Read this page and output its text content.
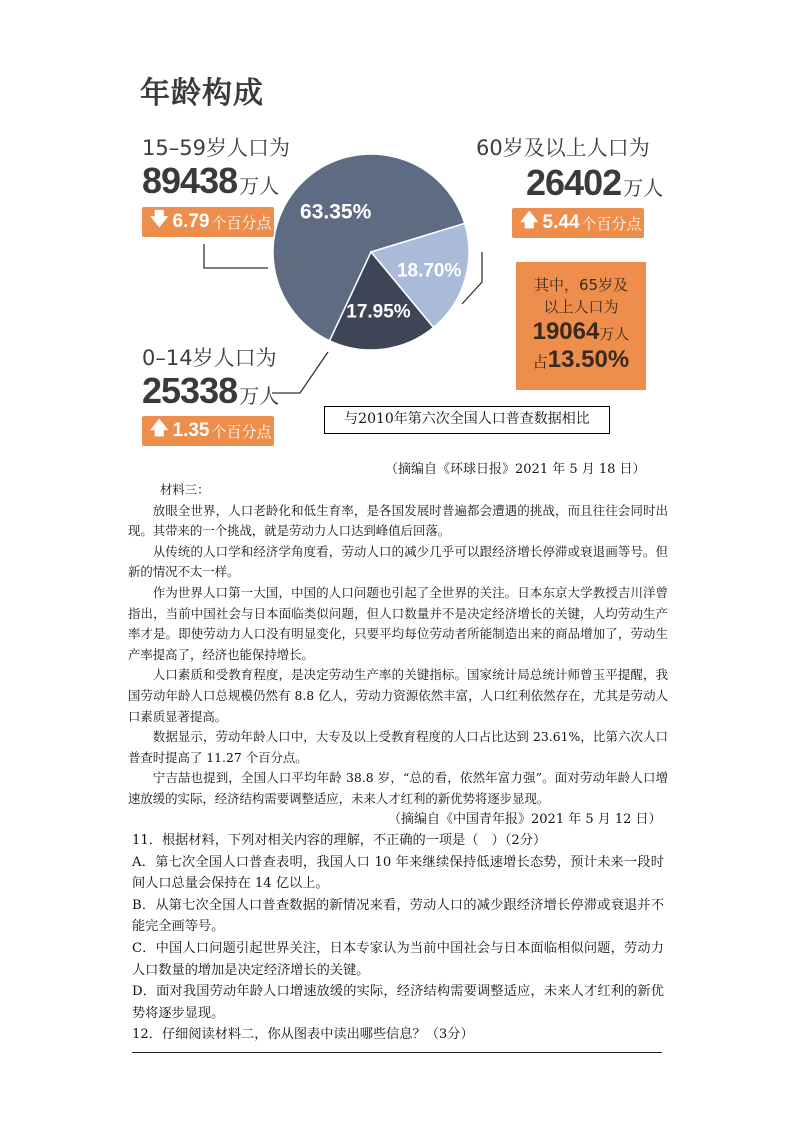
年龄构成
63.35%
18.70%
17.95%
15–59岁人口为
89438 万人
🡇 6.79 个百分点
60岁及以上人口为
26402 万人
🡅 5.44 个百分点
其中，65岁及
以上人口为
19064万人
占13.50%
0–14岁人口为
25338 万人
🡅 1.35 个百分点
与2010年第六次全国人口普查数据相比
（摘编自《环球日报》2021 年 5 月 18 日）
材料三：

放眼全世界，人口老龄化和低生育率，是各国发展时普遍都会遭遇的挑战，而且往往会同时出现。其带来的一个挑战，就是劳动力人口达到峰值后回落。

从传统的人口学和经济学角度看，劳动人口的减少几乎可以跟经济增长停滞或衰退画等号。但新的情况不太一样。

作为世界人口第一大国，中国的人口问题也引起了全世界的关注。日本东京大学教授吉川洋曾指出，当前中国社会与日本面临类似问题，但人口数量并不是决定经济增长的关键，人均劳动生产率才是。即使劳动力人口没有明显变化，只要平均每位劳动者所能制造出来的商品增加了，劳动生产率提高了，经济也能保持增长。

人口素质和受教育程度，是决定劳动生产率的关键指标。国家统计局总统计师曾玉平提醒，我国劳动年龄人口总规模仍然有 8.8 亿人，劳动力资源依然丰富，人口红利依然存在，尤其是劳动人口素质显著提高。

数据显示，劳动年龄人口中，大专及以上受教育程度的人口占比达到 23.61%，比第六次人口普查时提高了 11.27 个百分点。

宁吉喆也提到，全国人口平均年龄 38.8 岁，“总的看，依然年富力强”。面对劳动年龄人口增速放缓的实际，经济结构需要调整适应，未来人才红利的新优势将逐步显现。

（摘编自《中国青年报》2021 年 5 月 12 日）
11．根据材料，下列对相关内容的理解，不正确的一项是（　）（2分）
A．第七次全国人口普查表明，我国人口 10 年来继续保持低速增长态势，预计未来一段时间人口总量会保持在 14 亿以上。
B．从第七次全国人口普查数据的新情况来看，劳动人口的减少跟经济增长停滞或衰退并不能完全画等号。
C．中国人口问题引起世界关注，日本专家认为当前中国社会与日本面临相似问题，劳动力人口数量的增加是决定经济增长的关键。
D．面对我国劳动年龄人口增速放缓的实际，经济结构需要调整适应，未来人才红利的新优势将逐步显现。
12．仔细阅读材料二，你从图表中读出哪些信息？（3分）
